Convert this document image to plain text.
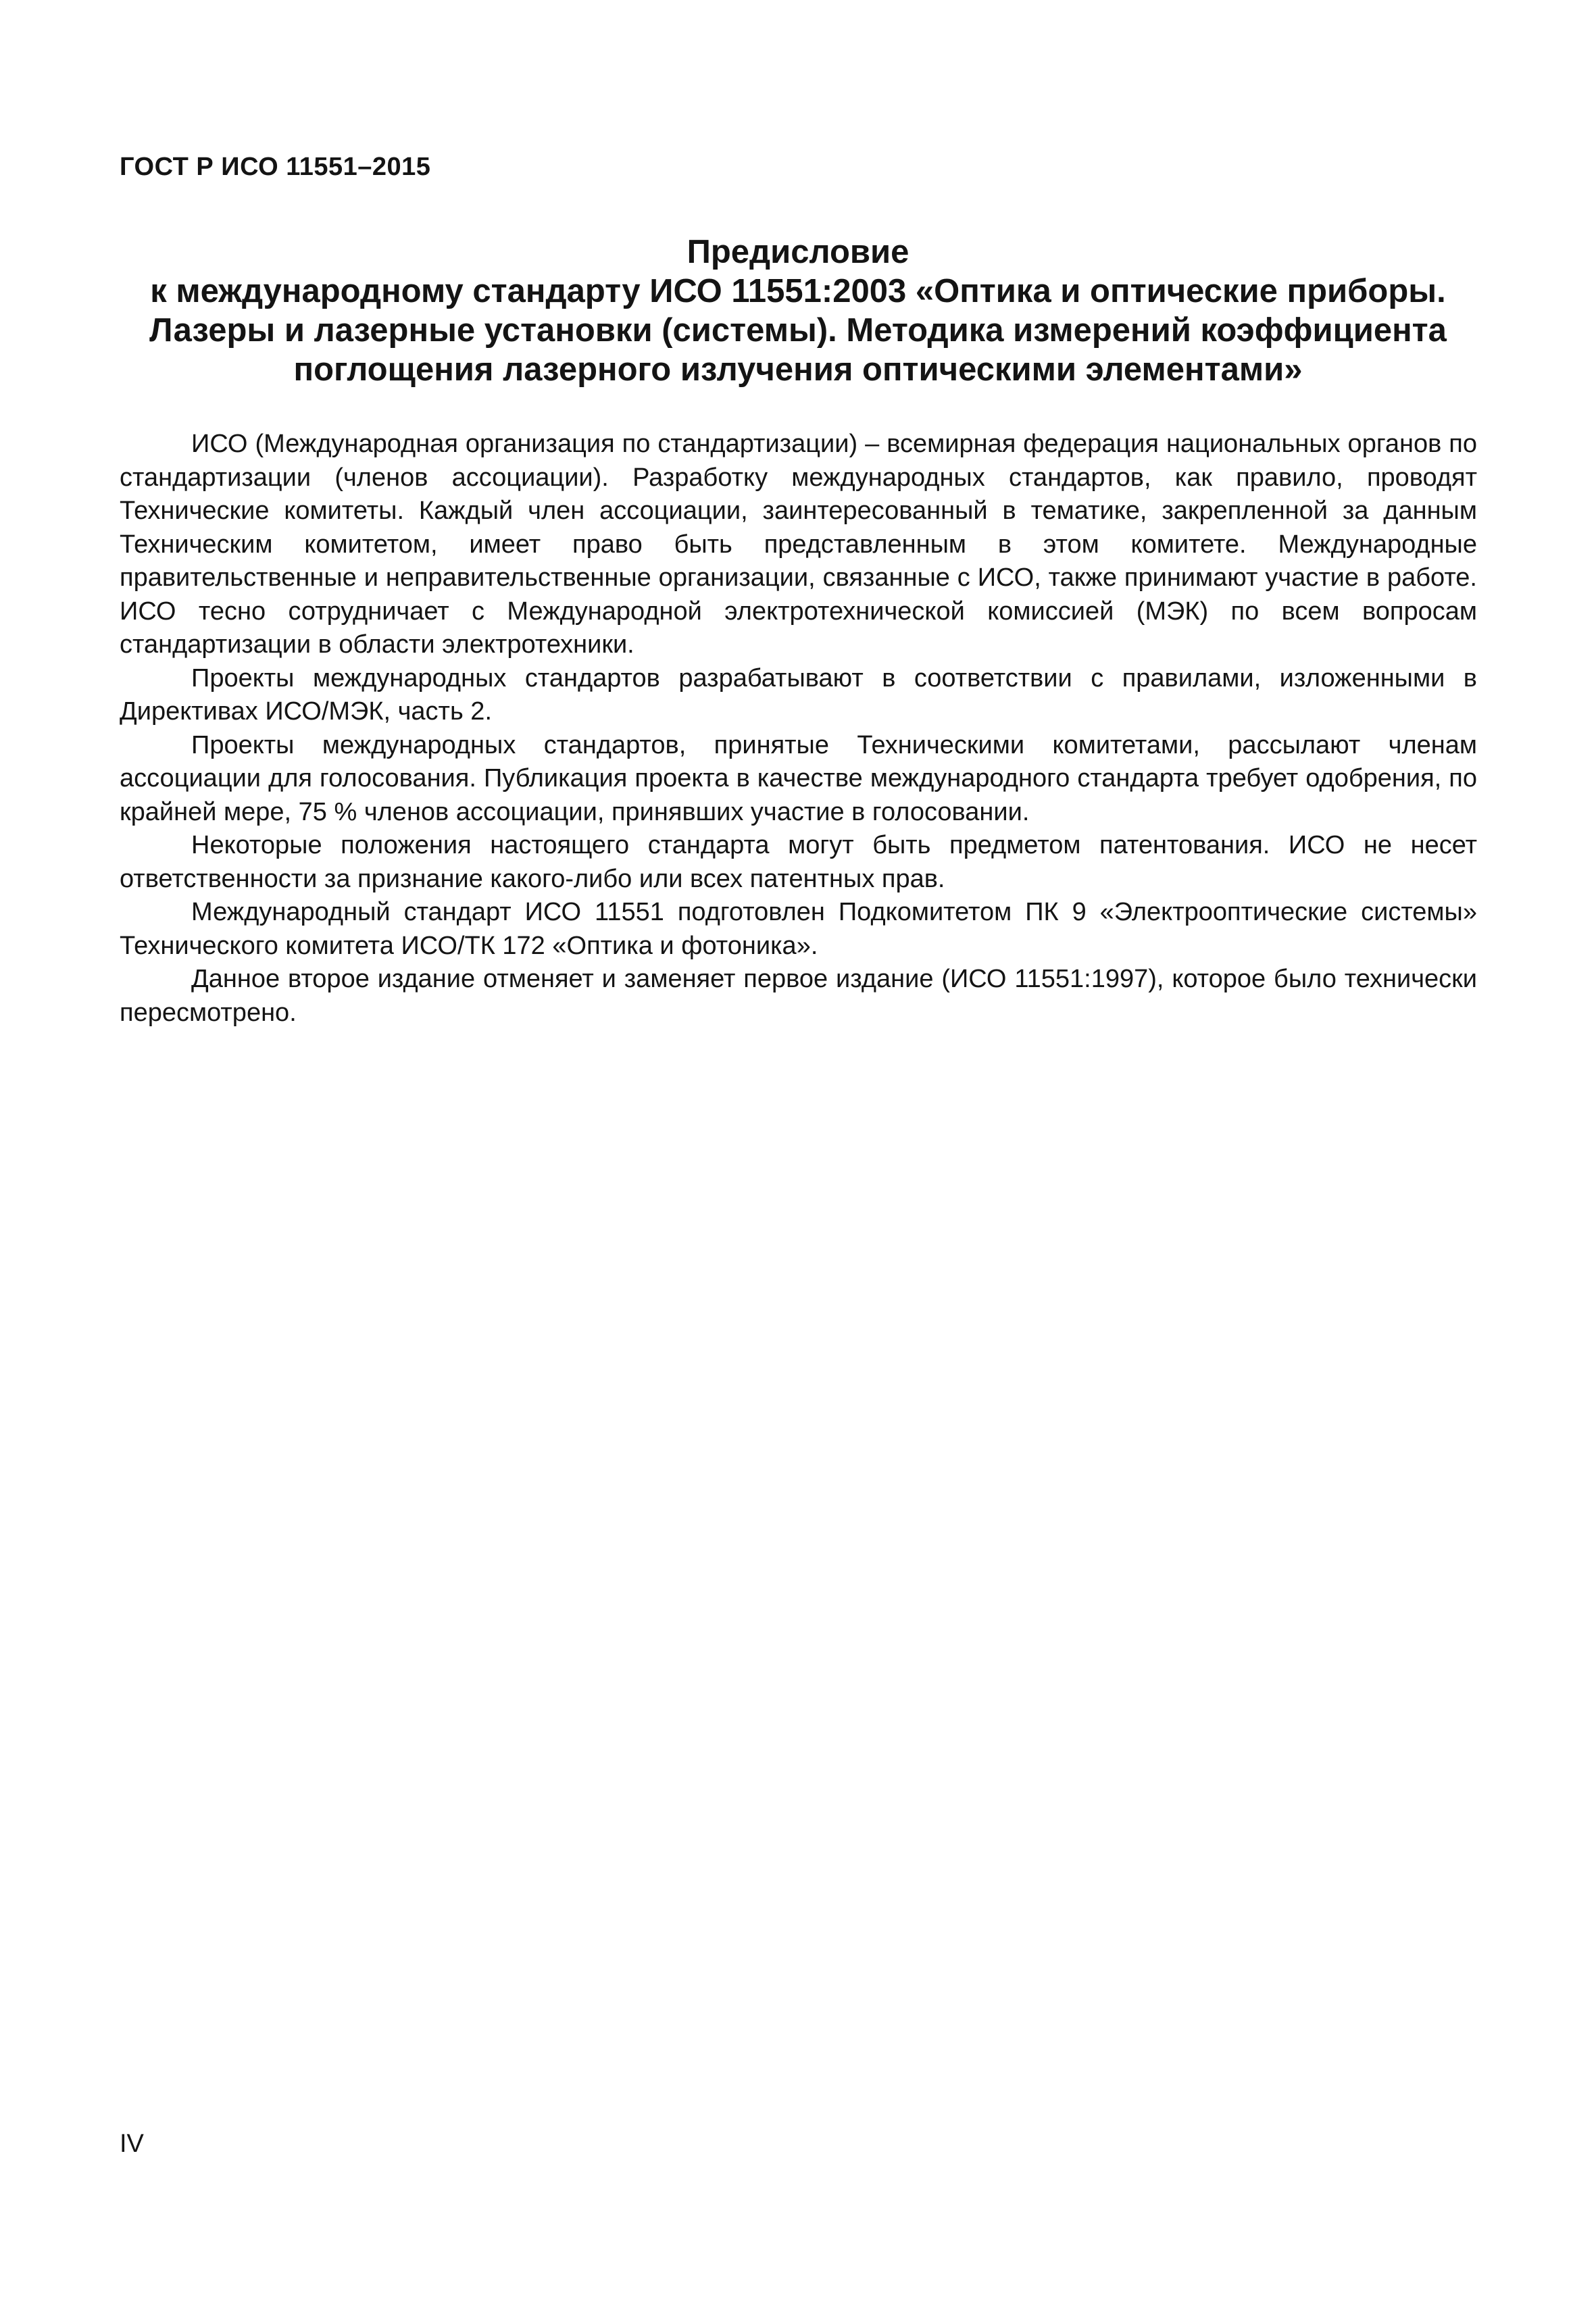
ГОСТ Р ИСО 11551–2015

Предисловие
к международному стандарту ИСО 11551:2003 «Оптика и оптические приборы.
Лазеры и лазерные установки (системы). Методика измерений коэффициента
поглощения лазерного излучения оптическими элементами»

ИСО (Международная организация по стандартизации) – всемирная федерация национальных органов по стандартизации (членов ассоциации). Разработку международных стандартов, как правило, проводят Технические комитеты. Каждый член ассоциации, заинтересованный в тематике, закрепленной за данным Техническим комитетом, имеет право быть представленным в этом комитете. Международные правительственные и неправительственные организации, связанные с ИСО, также принимают участие в работе. ИСО тесно сотрудничает с Международной электротехнической комиссией (МЭК) по всем вопросам стандартизации в области электротехники.

Проекты международных стандартов разрабатывают в соответствии с правилами, изложенными в Директивах ИСО/МЭК, часть 2.

Проекты международных стандартов, принятые Техническими комитетами, рассылают членам ассоциации для голосования. Публикация проекта в качестве международного стандарта требует одобрения, по крайней мере, 75 % членов ассоциации, принявших участие в голосовании.

Некоторые положения настоящего стандарта могут быть предметом патентования. ИСО не несет ответственности за признание какого-либо или всех патентных прав.

Международный стандарт ИСО 11551 подготовлен Подкомитетом ПК 9 «Электрооптические системы» Технического комитета ИСО/ТК 172 «Оптика и фотоника».

Данное второе издание отменяет и заменяет первое издание (ИСО 11551:1997), которое было технически пересмотрено.

IV
